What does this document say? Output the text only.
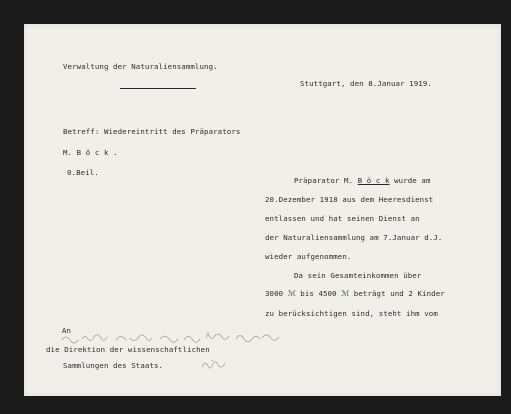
Verwaltung der Naturaliensammlung.

Stuttgart, den 8.Januar 1919.

Betreff: Wiedereintritt des Präparators

M. B ö c k .

0.Beil.

Präparator M. B ö c k wurde am

20.Dezember 1918 aus dem Heeresdienst

entlassen und hat seinen Dienst an

der Naturaliensammlung am 7.Januar d.J.

wieder aufgenommen.

Da sein Gesamteinkommen über

3000 ℳ bis 4500 ℳ beträgt und 2 Kinder

zu berücksichtigen sind, steht ihm vom

An

die Direktion der wissenschaftlichen

Sammlungen des Staats.
